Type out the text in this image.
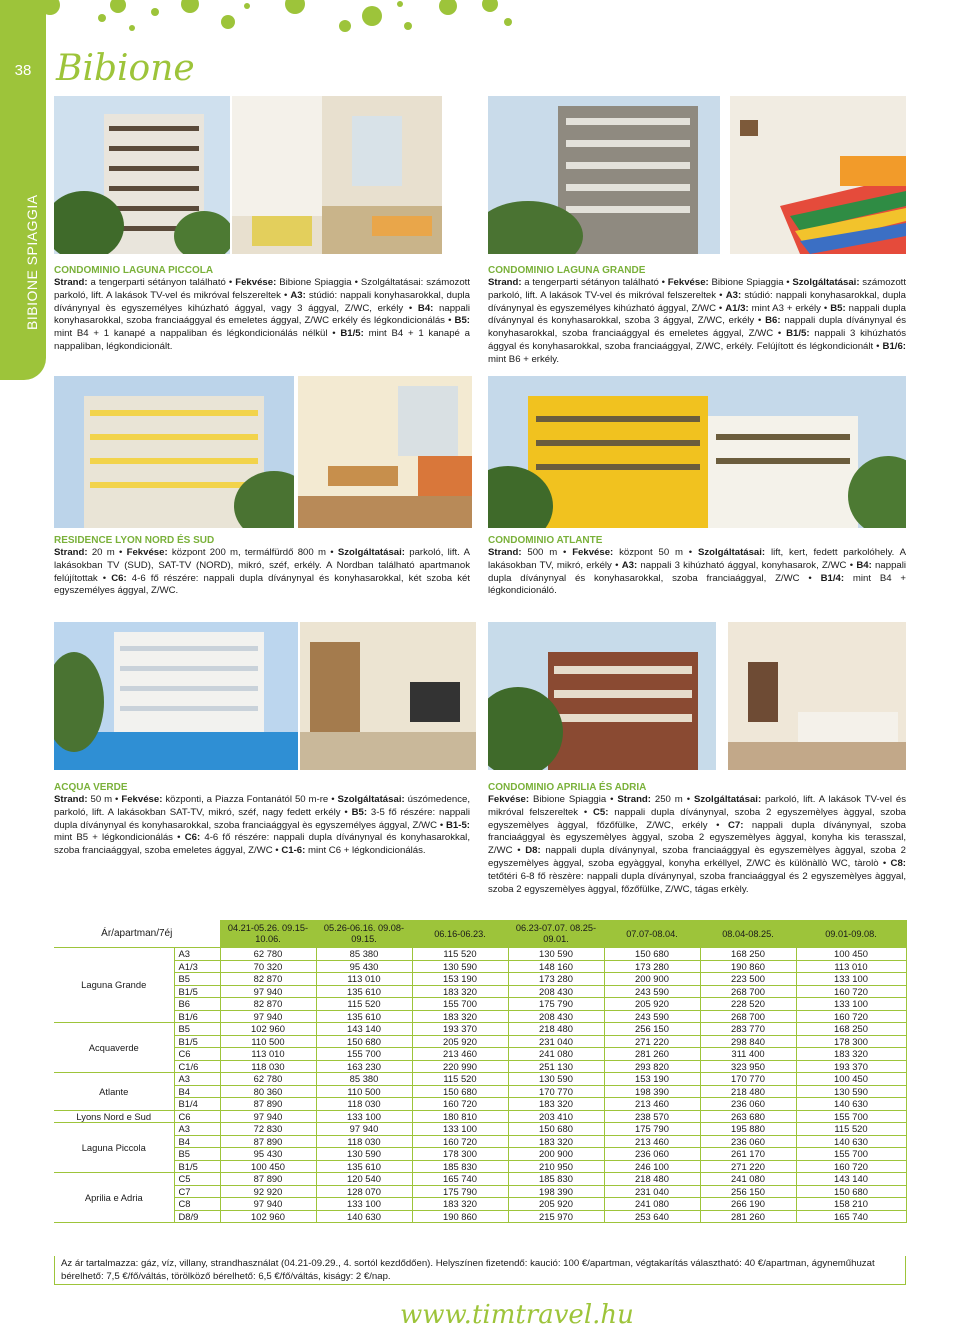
38
BIBIONE SPIAGGIA
Bibione
CONDOMINIO LAGUNA PICCOLA

Strand: a tengerparti sétányon található • Fekvése: Bibione Spiaggia • Szolgáltatásai: számozott parkoló, lift. A lakások TV-vel és mikróval felszereltek • A3: stúdió: nappali konyhasarokkal, dupla díványnyal ès egyszemélyes kihúzható ággyal, vagy 3 ággyal, Z/WC, erkély • B4: nappali konyhasarokkal, szoba franciaággyal és emeletes ággyal, Z/WC erkély és légkondicionálás • B5: mint B4 + 1 kanapé a nappaliban és légkondicionálás nélkül • B1/5: mint B4 + 1 kanapé a nappaliban, légkondicionált.

CONDOMINIO LAGUNA GRANDE

Strand: a tengerparti sétányon található • Fekvése: Bibione Spiaggia • Szolgáltatásai: számozott parkoló, lift. A lakások TV-vel és mikróval felszereltek • A3: stúdió: nappali konyhasarokkal, dupla díványnyal ès egyszemélyes kihúzható ággyal, Z/WC • A1/3: mint A3 + erkély • B5: nappali dupla díványnyal és konyhasarokkal, szoba 3 ággyal, Z/WC, erkély • B6: nappali dupla díványnyal és konyhasarokkal, szoba franciaággyal és emeletes ággyal, Z/WC • B1/5: nappali 3 kihúzhatós ággyal és konyhasarokkal, szoba franciaággyal, Z/WC, erkély. Felújított és légkondicionált • B1/6: mint B6 + erkély.

RESIDENCE LYON NORD ÉS SUD

Strand: 20 m • Fekvése: központ 200 m, termálfürdő 800 m • Szolgáltatásai: parkoló, lift. A lakásokban TV (SUD), SAT-TV (NORD), mikró, széf, erkély. A Nordban található apartmanok felújítottak • C6: 4-6 fő részére: nappali dupla díványnyal és konyhasarokkal, két szoba két egyszemélyes ággyal, Z/WC.

CONDOMINIO ATLANTE

Strand: 500 m • Fekvése: központ 50 m • Szolgáltatásai: lift, kert, fedett parkolóhely. A lakásokban TV, mikró, erkély • A3: nappali 3 kihúzható ággyal, konyhasarok, Z/WC • B4: nappali dupla díványnyal és konyhasarokkal, szoba franciaággyal, Z/WC • B1/4: mint B4 + légkondicionáló.

ACQUA VERDE

Strand: 50 m • Fekvése: központi, a Piazza Fontanától 50 m-re • Szolgáltatásai: úszómedence, parkoló, lift. A lakásokban SAT-TV, mikró, széf, nagy fedett erkély • B5: 3-5 fő részére: nappali dupla díványnyal és konyhasarokkal, szoba franciaággyal ès egyszemélyes ággyal, Z/WC • B1-5: mint B5 + légkondicionálás • C6: 4-6 fő részére: nappali dupla díványnyal és konyhasarokkal, szoba franciaággyal, szoba emeletes ággyal, Z/WC • C1-6: mint C6 + légkondicionálás.

CONDOMINIO APRILIA ÉS ADRIA

Fekvése: Bibione Spiaggia • Strand: 250 m • Szolgáltatásai: parkoló, lift. A lakások TV-vel és mikróval felszereltek • C5: nappali dupla díványnyal, szoba 2 egyszemèlyes àggyal, szoba egyszemèlyes àggyal, főzőfülke, Z/WC, erkély • C7: nappali dupla díványnyal, szoba franciaággyal ès egyszemèlyes àggyal, szoba 2 egyszemèlyes àggyal, konyha kis terasszal, Z/WC • D8: nappali dupla díványnyal, szoba franciaággyal ès egyszemèlyes àggyal, szoba 2 egyszemèlyes àggyal, szoba egyàggyal, konyha erkéllyel, Z/WC ès különàllò WC, tàrolò • C8: tetőtéri 6-8 fő rèszère: nappali dupla díványnyal, szoba franciaággyal és 2 egyszemèlyes àggyal, szoba 2 egyszemèlyes àggyal, főzőfülke, Z/WC, tágas erkèly.

Ár/apartman/7éj		04.21-05.26. 09.15-10.06.	05.26-06.16. 09.08-09.15.	06.16-06.23.	06.23-07.07. 08.25-09.01.	07.07-08.04.	08.04-08.25.	09.01-09.08.
Laguna Grande	A3	62 780	85 380	115 520	130 590	150 680	168 250	100 450
	A1/3	70 320	95 430	130 590	148 160	173 280	190 860	113 010
	B5	82 870	113 010	153 190	173 280	200 900	223 500	133 100
	B1/5	97 940	135 610	183 320	208 430	243 590	268 700	160 720
	B6	82 870	115 520	155 700	175 790	205 920	228 520	133 100
	B1/6	97 940	135 610	183 320	208 430	243 590	268 700	160 720
Acquaverde	B5	102 960	143 140	193 370	218 480	256 150	283 770	168 250
	B1/5	110 500	150 680	205 920	231 040	271 220	298 840	178 300
	C6	113 010	155 700	213 460	241 080	281 260	311 400	183 320
	C1/6	118 030	163 230	220 990	251 130	293 820	323 950	193 370
Atlante	A3	62 780	85 380	115 520	130 590	153 190	170 770	100 450
	B4	80 360	110 500	150 680	170 770	198 390	218 480	130 590
	B1/4	87 890	118 030	160 720	183 320	213 460	236 060	140 630
Lyons Nord e Sud	C6	97 940	133 100	180 810	203 410	238 570	263 680	155 700
Laguna Piccola	A3	72 830	97 940	133 100	150 680	175 790	195 880	115 520
	B4	87 890	118 030	160 720	183 320	213 460	236 060	140 630
	B5	95 430	130 590	178 300	200 900	236 060	261 170	155 700
	B1/5	100 450	135 610	185 830	210 950	246 100	271 220	160 720
Aprilia e Adria	C5	87 890	120 540	165 740	185 830	218 480	241 080	143 140
	C7	92 920	128 070	175 790	198 390	231 040	256 150	150 680
	C8	97 940	133 100	183 320	205 920	241 080	266 190	158 210
	D8/9	102 960	140 630	190 860	215 970	253 640	281 260	165 740
Az ár tartalmazza: gáz, víz, villany, strandhasználat (04.21-09.29., 4. sortól kezdődően). Helyszínen fizetendő: kaució: 100 €/apartman, végtakarítás választható: 40 €/apartman, ágyneműhuzat bérelhető: 7,5 €/fő/váltás, törölköző bérelhető: 6,5 €/fő/váltás, kiságy: 2 €/nap.
www.timtravel.hu
